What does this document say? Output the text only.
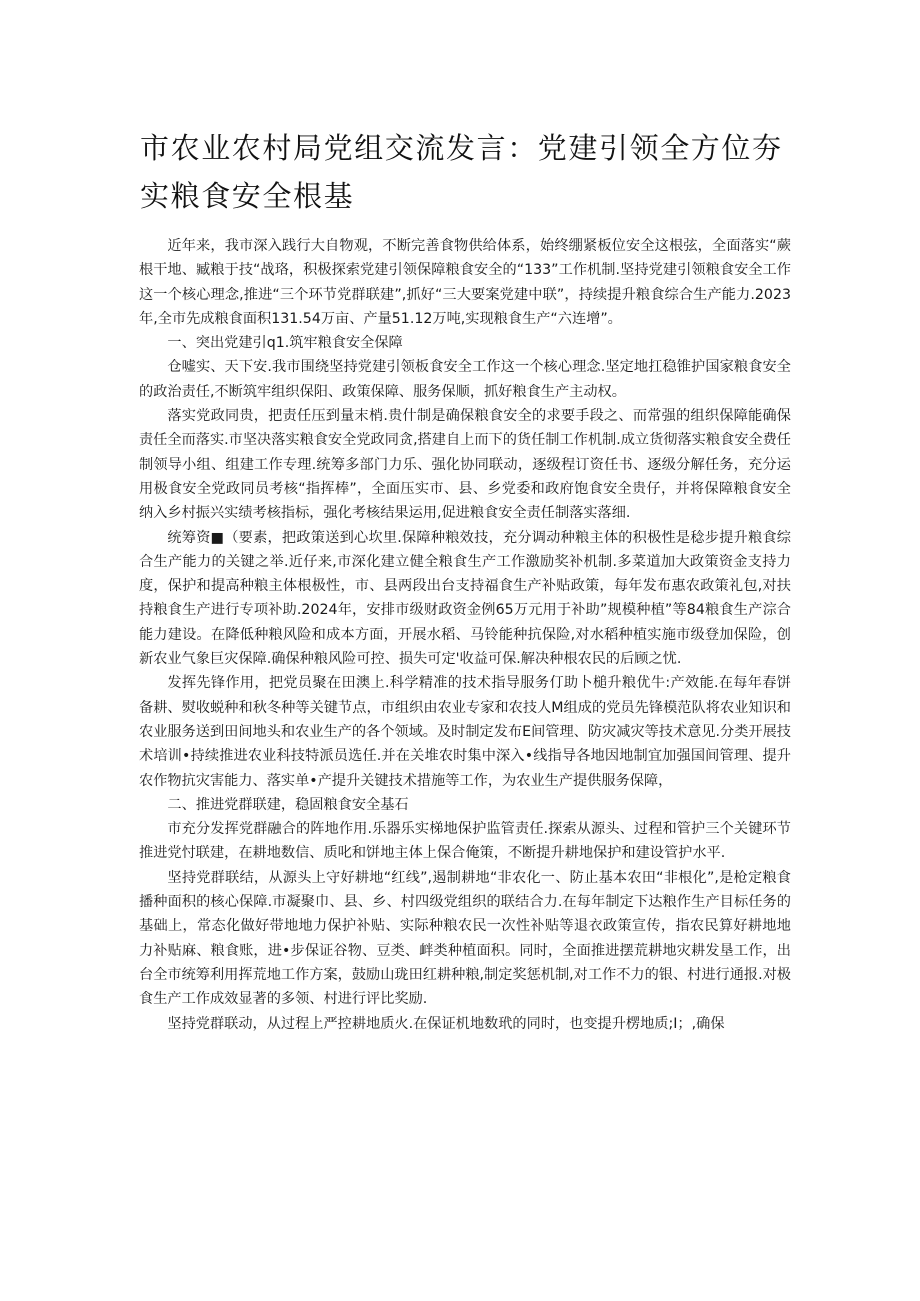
市农业农村局党组交流发言：党建引领全方位夯实粮食安全根基

近年来，我市深入践行大自物观，不断完善食物供给体系，始终绷紧板位安全这根弦，全面落实“蕨根干地、臧粮于技“战珞，积极探索党建引领保障粮食安全的“133”工作机制.坚持党建引领粮食安全工作这一个核心理念,推进“三个环节党群联建”,抓好“三大要案党建中联”，持续提升粮食综合生产能力.2023年,全市先成粮食面积131.54万亩、产量51.12万吨,实现粮食生产“六连增”。

一、突出党建引q1.筑牢粮食安全保障

仓嘘实、天下安.我市围绕坚持党建引领板食安全工作这一个核心理念.坚定地扛稳锥护国家粮食安全的政治责任,不断筑牢组织保阳、政策保障、服务保顺，抓好粮食生产主动权。

落实党政同贵，把责任压到量末梢.贵什制是确保粮食安全的求要手段之、而常强的组织保障能确保责任全而落实.市坚决落实粮食安全党政同贪,搭建自上而下的货任制工作机制.成立货彻落实粮食安全费任制领导小组、组建工作专理.统筹多部门力乐、强化协同联动，逐级程订资任书、逐级分解任务，充分运用极食安全党政同员考核“指挥棒”，全面压实市、县、乡党委和政府饱食安全贵仔，并将保障粮食安全纳入乡村振兴实绩考核指标，强化考核结果运用,促进粮食安全责任制落实落细.

统筹资■（要素，把政策送到心坎里.保障种粮效技，充分调动种粮主体的积极性是稔步提升粮食综合生产能力的关键之举.近仔来,市深化建立健全粮食生产工作激励奖补机制.多菜道加大政策资金支持力度，保护和提高种粮主体根极性，市、县两段出台支持福食生产补贴政策，每年发布惠农政策礼包,对扶持粮食生产进行专项补助.2024年，安排市级财政资金例65万元用于补助”规模种植”等84粮食生产淙合能力建设。在降低种粮风险和成本方面，开展水稻、马铃能种抗保险,对水稻种植实施市级登加保险，创新农业气象巨灾保障.确保种粮风险可控、损失可定'收益可保.解决种根农民的后顾之忧.

发挥先锋作用，把党员聚在田澳上.科学精准的技术指导服务仃助卜槌升粮优牛:产效能.在每年春饼备耕、熨收蜕种和秋冬种等关键节点，市组织由农业专家和农技人M组成的党员先锋模范队将农业知识和农业服务送到田间地头和农业生产的各个领域。及时制定发布E间管理、防灾减灾等技术意见.分类开展技术培训•持续推进农业科技特派员选任.并在关堆农时集中深入•线指导各地因地制宜加强国间管理、提升农作物抗灾害能力、落实单•产提升关键技术措施等工作，为农业生产提供服务保障，

二、推进党群联建，稳固粮食安全基石

市充分发挥党群融合的阵地作用.乐器乐实梯地保护监管责任.探索从源头、过程和管护三个关键环节推进党忖联建，在耕地数信、质叱和饼地主体上保合俺策，不断提升耕地保护和建设管护水平.

坚持党群联结，从源头上守好耕地“红线”,遏制耕地“非农化一、防止基本农田“非根化”,是枪定粮食播种面积的核心保障.市凝聚巾、县、乡、村四级党组织的联结合力.在每年制定下达粮作生产目标任务的基础上，常态化做好带地地力保护补贴、实际种粮农民一次性补贴等退衣政策宣传，指农民算好耕地地力补贴麻、粮食账，进•步保证谷物、豆类、衅类种植面积。同时，全面推进摆荒耕地灾耕发垦工作，出台全市统筹利用挥荒地工作方案，鼓励山珑田红耕种粮,制定奖惩机制,对工作不力的银、村进行通报.对极食生产工作成效显著的多领、村进行评比奖励.

坚持党群联动，从过程上严控耕地质火.在保证机地数玳的同时，也变提升楞地质;I；,确保
